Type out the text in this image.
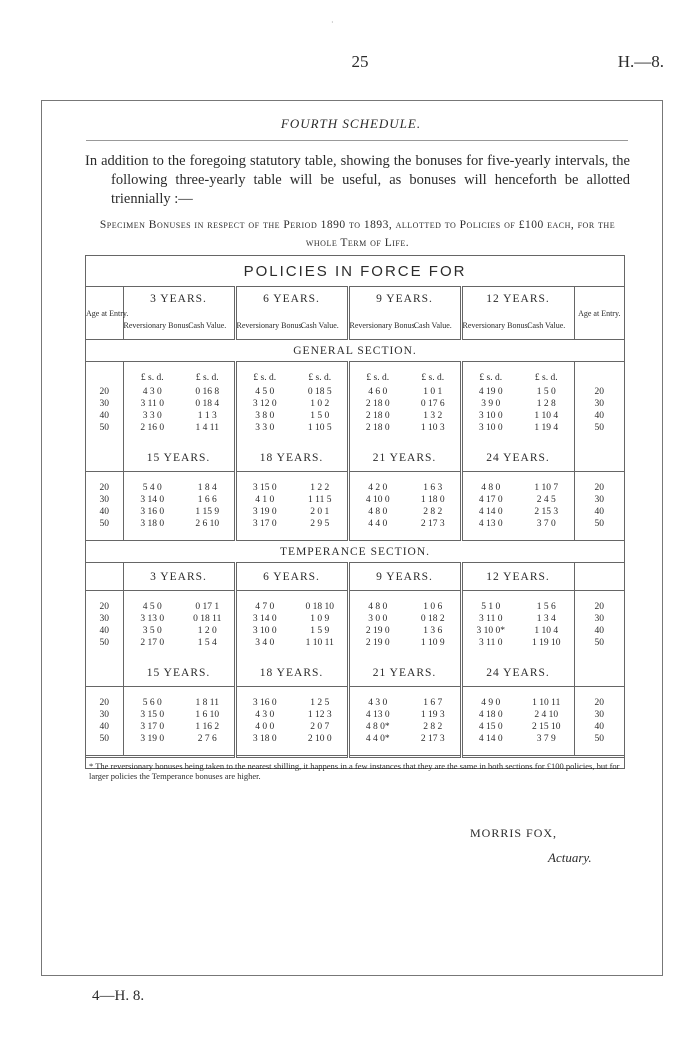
·
25	H.—8.
FOURTH SCHEDULE.
In addition to the foregoing statutory table, showing the bonuses for five-yearly intervals, the following three-yearly table will be useful, as bonuses will henceforth be allotted triennially :—
Specimen Bonuses in respect of the Period 1890 to 1893, allotted to Policies of £100 each, for the whole Term of Life.
POLICIES IN FORCE FOR									
Age at Entry.	3 YEARS.		6 YEARS.		9 YEARS.		12 YEARS.		Age at Entry.
	Reversionary Bonus.	Cash Value.	Reversionary Bonus.	Cash Value.	Reversionary Bonus.	Cash Value.	Reversionary Bonus.	Cash Value.	
GENERAL SECTION.									
	£ s. d.	£ s. d.	£ s. d.	£ s. d.	£ s. d.	£ s. d.	£ s. d.	£ s. d.	
20	4 3 0	0 16 8	4 5 0	0 18 5	4 6 0	1 0 1	4 19 0	1 5 0	20
30	3 11 0	0 18 4	3 12 0	1 0 2	2 18 0	0 17 6	3 9 0	1 2 8	30
40	3 3 0	1 1 3	3 8 0	1 5 0	2 18 0	1 3 2	3 10 0	1 10 4	40
50	2 16 0	1 4 11	3 3 0	1 10 5	2 18 0	1 10 3	3 10 0	1 19 4	50

	15 YEARS.		18 YEARS.		21 YEARS.		24 YEARS.		

20	5 4 0	1 8 4	3 15 0	1 2 2	4 2 0	1 6 3	4 8 0	1 10 7	20
30	3 14 0	1 6 6	4 1 0	1 11 5	4 10 0	1 18 0	4 17 0	2 4 5	30
40	3 16 0	1 15 9	3 19 0	2 0 1	4 8 0	2 8 2	4 14 0	2 15 3	40
50	3 18 0	2 6 10	3 17 0	2 9 5	4 4 0	2 17 3	4 13 0	3 7 0	50

TEMPERANCE SECTION.									
	3 YEARS.		6 YEARS.		9 YEARS.		12 YEARS.		

20	4 5 0	0 17 1	4 7 0	0 18 10	4 8 0	1 0 6	5 1 0	1 5 6	20
30	3 13 0	0 18 11	3 14 0	1 0 9	3 0 0	0 18 2	3 11 0	1 3 4	30
40	3 5 0	1 2 0	3 10 0	1 5 9	2 19 0	1 3 6	3 10 0*	1 10 4	40
50	2 17 0	1 5 4	3 4 0	1 10 11	2 19 0	1 10 9	3 11 0	1 19 10	50

	15 YEARS.		18 YEARS.		21 YEARS.		24 YEARS.		

20	5 6 0	1 8 11	3 16 0	1 2 5	4 3 0	1 6 7	4 9 0	1 10 11	20
30	3 15 0	1 6 10	4 3 0	1 12 3	4 13 0	1 19 3	4 18 0	2 4 10	30
40	3 17 0	1 16 2	4 0 0	2 0 7	4 8 0*	2 8 2	4 15 0	2 15 10	40
50	3 19 0	2 7 6	3 18 0	2 10 0	4 4 0*	2 17 3	4 14 0	3 7 9	50

* The reversionary bonuses being taken to the nearest shilling, it happens in a few instances that they are the same in both sections for £100 policies, but for larger policies the Temperance bonuses are higher.									
MORRIS FOX,
Actuary.
4—H. 8.
